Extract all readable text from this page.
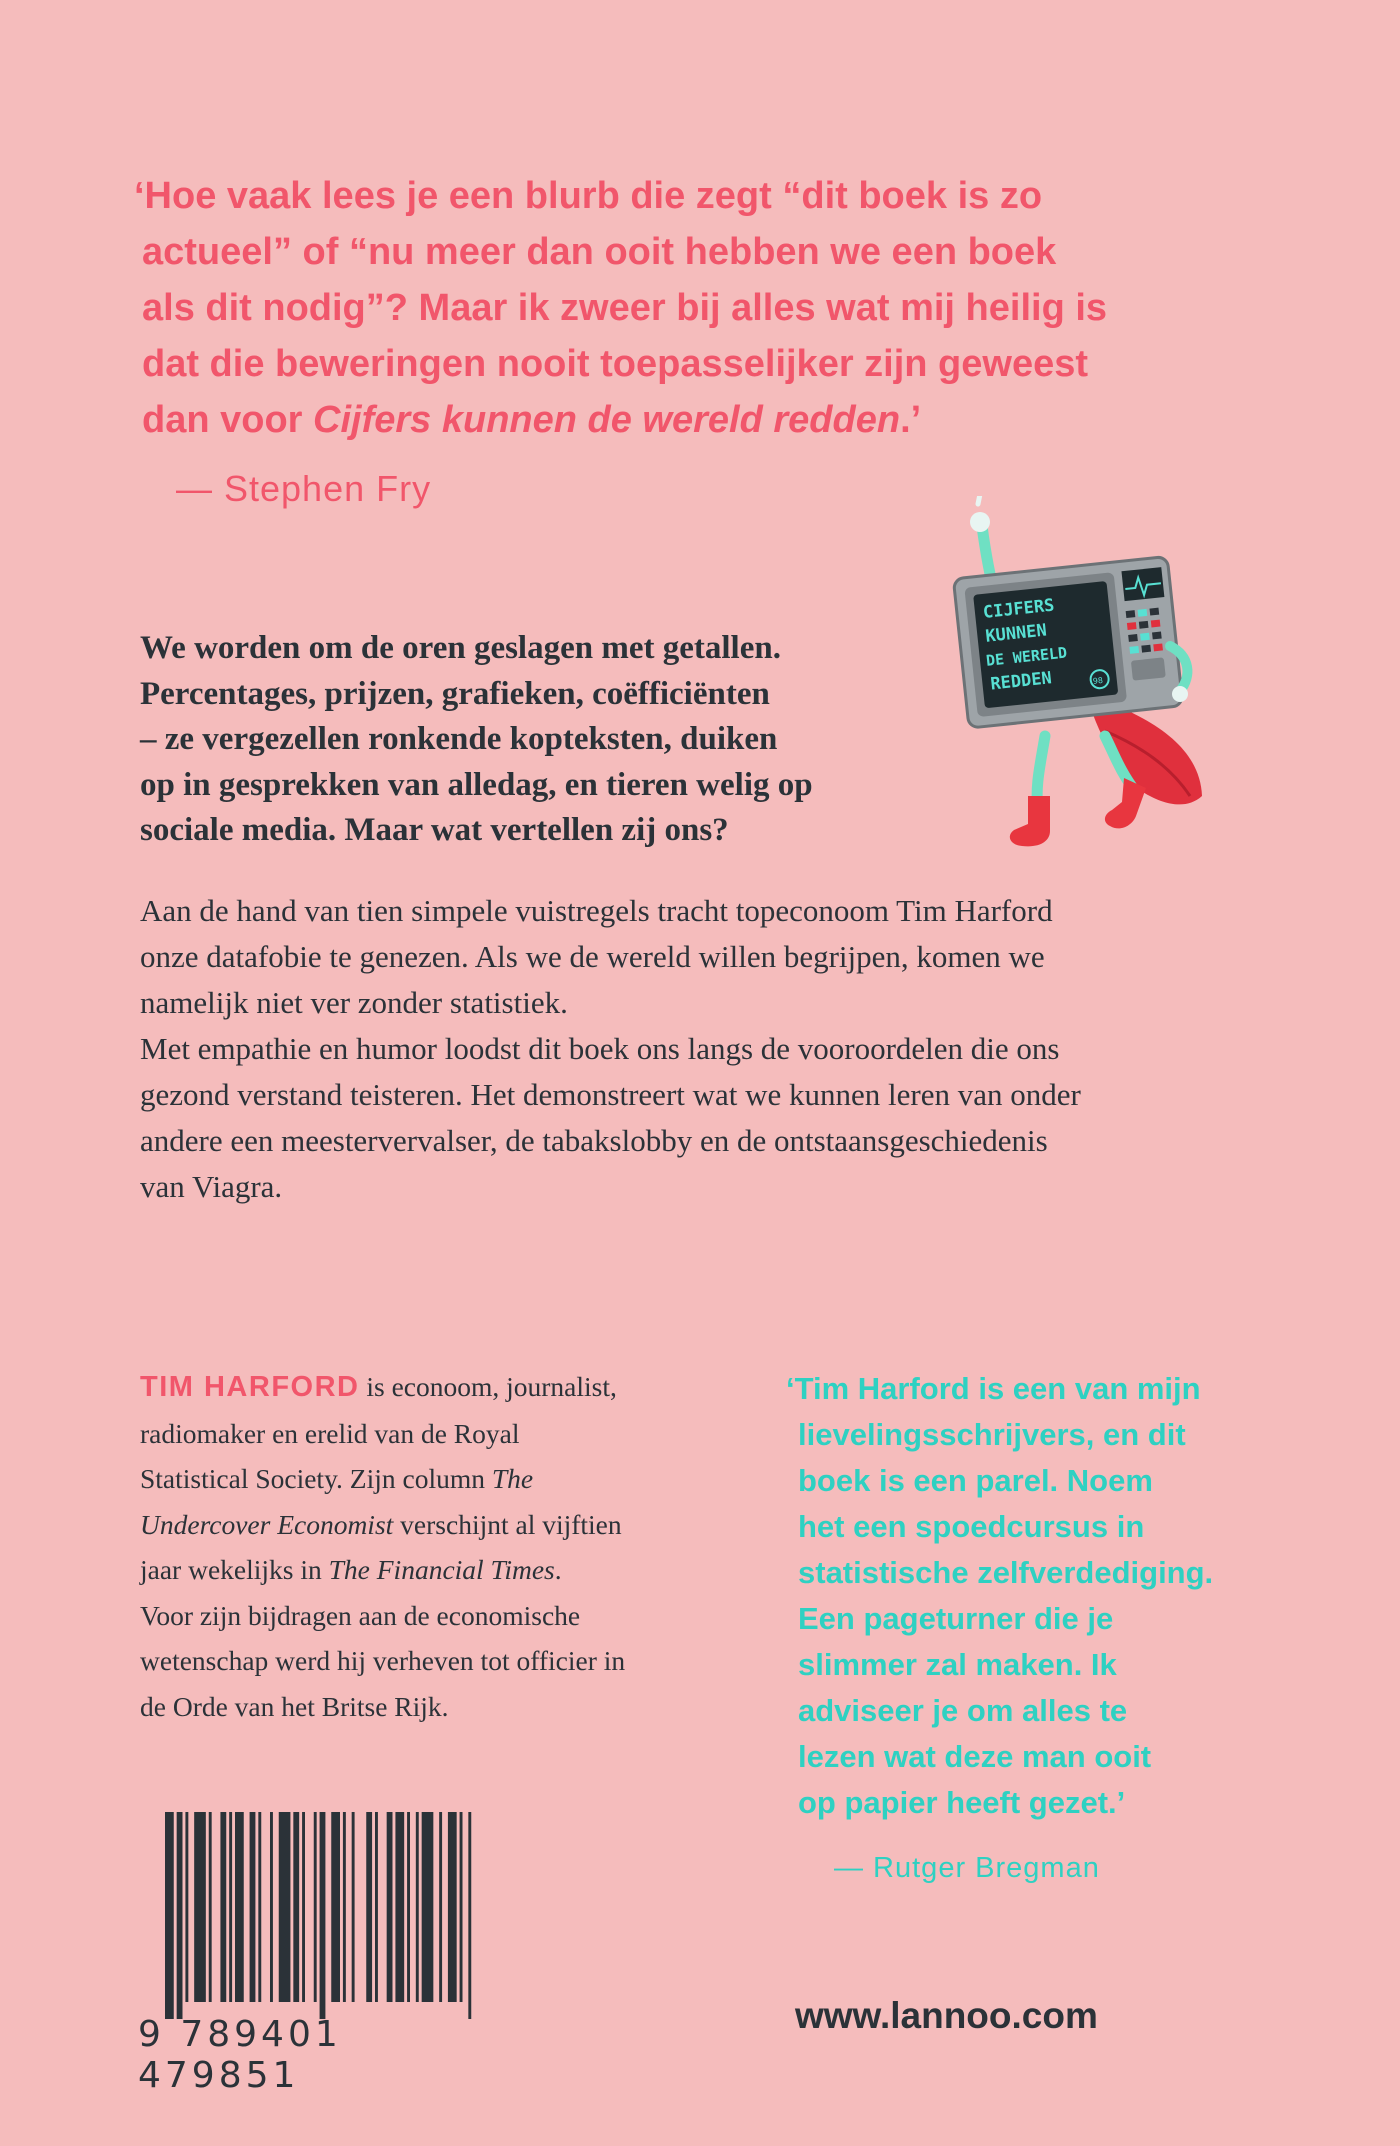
‘Hoe vaak lees je een blurb die zegt “dit boek is zo
actueel” of “nu meer dan ooit hebben we een boek
als dit nodig”? Maar ik zweer bij alles wat mij heilig is
dat die beweringen nooit toepasselijker zijn geweest
dan voor Cijfers kunnen de wereld redden.’
— Stephen Fry
CIJFERS
KUNNEN
DE WERELD
REDDEN	98
We worden om de oren geslagen met getallen.
Percentages, prijzen, grafieken, coëfficiënten
– ze vergezellen ronkende kopteksten, duiken
op in gesprekken van alledag, en tieren welig op
sociale media. Maar wat vertellen zij ons?
Aan de hand van tien simpele vuistregels tracht topeconoom Tim Harford
onze datafobie te genezen. Als we de wereld willen begrijpen, komen we
namelijk niet ver zonder statistiek.
Met empathie en humor loodst dit boek ons langs de vooroordelen die ons
gezond verstand teisteren. Het demonstreert wat we kunnen leren van onder
andere een meestervervalser, de tabakslobby en de ontstaansgeschiedenis
van Viagra.
TIM HARFORD is econoom, journalist,
radiomaker en erelid van de Royal
Statistical Society. Zijn column The
Undercover Economist verschijnt al vijftien
jaar wekelijks in The Financial Times.
Voor zijn bijdragen aan de economische
wetenschap werd hij verheven tot officier in
de Orde van het Britse Rijk.
‘Tim Harford is een van mijn
lievelingsschrijvers, en dit
boek is een parel. Noem
het een spoedcursus in
statistische zelfverdediging.
Een pageturner die je
slimmer zal maken. Ik
adviseer je om alles te
lezen wat deze man ooit
op papier heeft gezet.’
— Rutger Bregman
9 789401 479851
www.lannoo.com
